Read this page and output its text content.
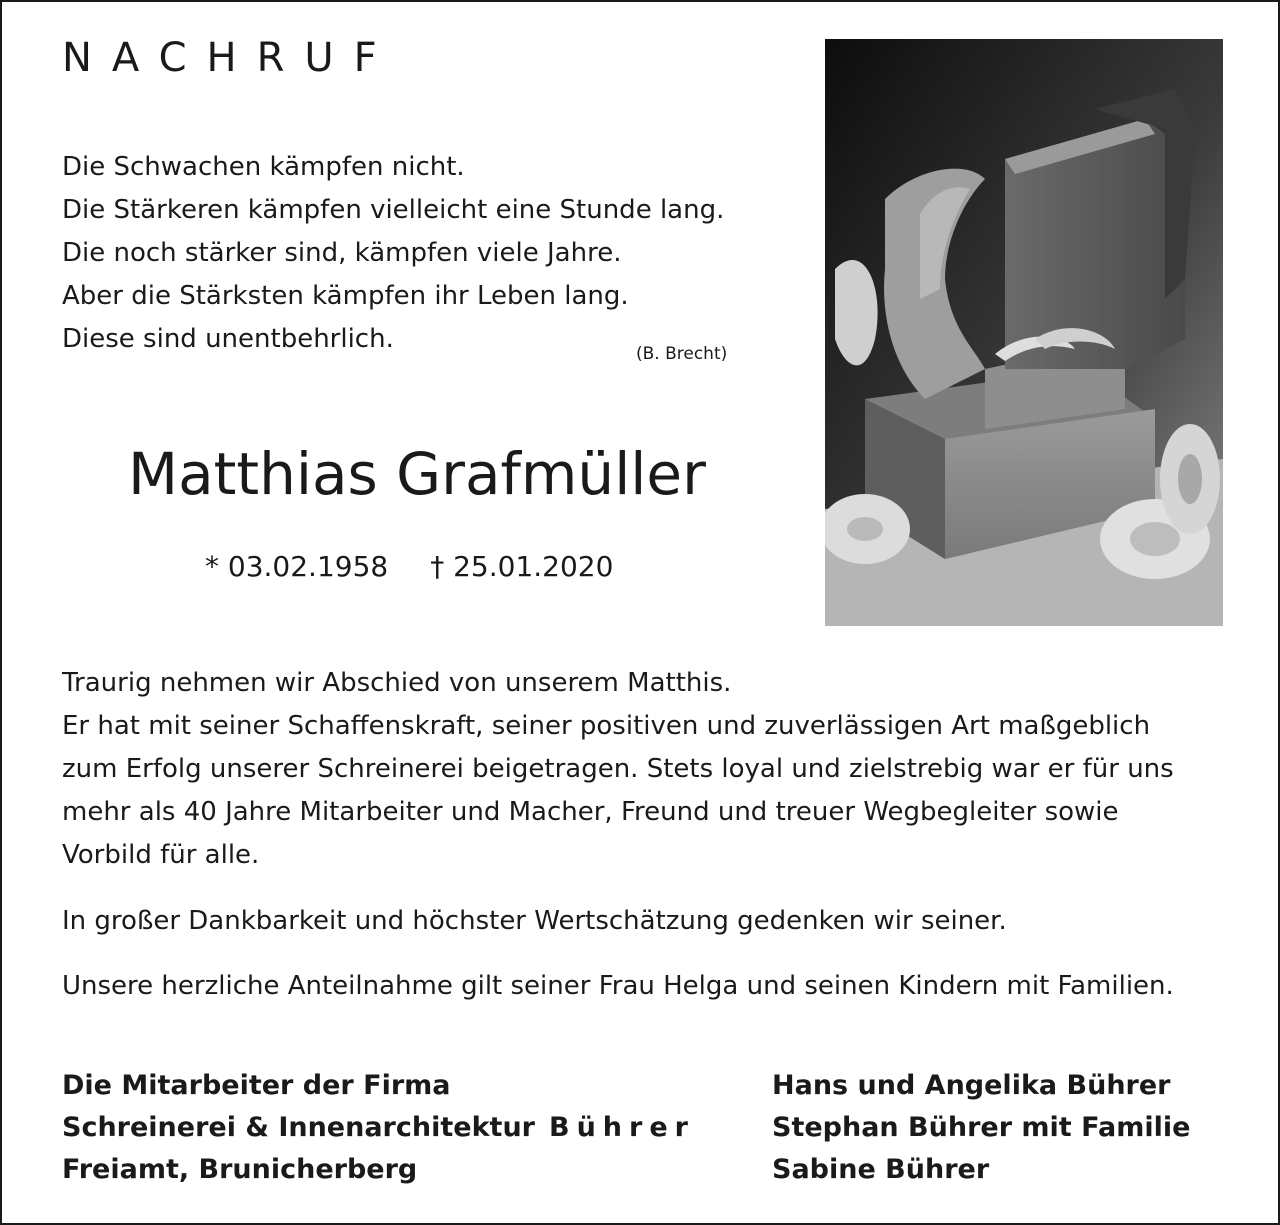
NACHRUF
Die Schwachen kämpfen nicht.
Die Stärkeren kämpfen vielleicht eine Stunde lang.
Die noch stärker sind, kämpfen viele Jahre.
Aber die Stärksten kämpfen ihr Leben lang.
Diese sind unentbehrlich.	(B. Brecht)
Matthias Grafmüller
* 03.02.1958 † 25.01.2020

Traurig nehmen wir Abschied von unserem Matthis.
Er hat mit seiner Schaffenskraft, seiner positiven und zuverlässigen Art maßgeblich
zum Erfolg unserer Schreinerei beigetragen. Stets loyal und zielstrebig war er für uns
mehr als 40 Jahre Mitarbeiter und Macher, Freund und treuer Wegbegleiter sowie
Vorbild für alle.

In großer Dankbarkeit und höchster Wertschätzung gedenken wir seiner.

Unsere herzliche Anteilnahme gilt seiner Frau Helga und seinen Kindern mit Familien.

Die Mitarbeiter der Firma
Schreinerei & Innenarchitektur Bührer
Freiamt, Brunicherberg
Hans und Angelika Bührer
Stephan Bührer mit Familie
Sabine Bührer
